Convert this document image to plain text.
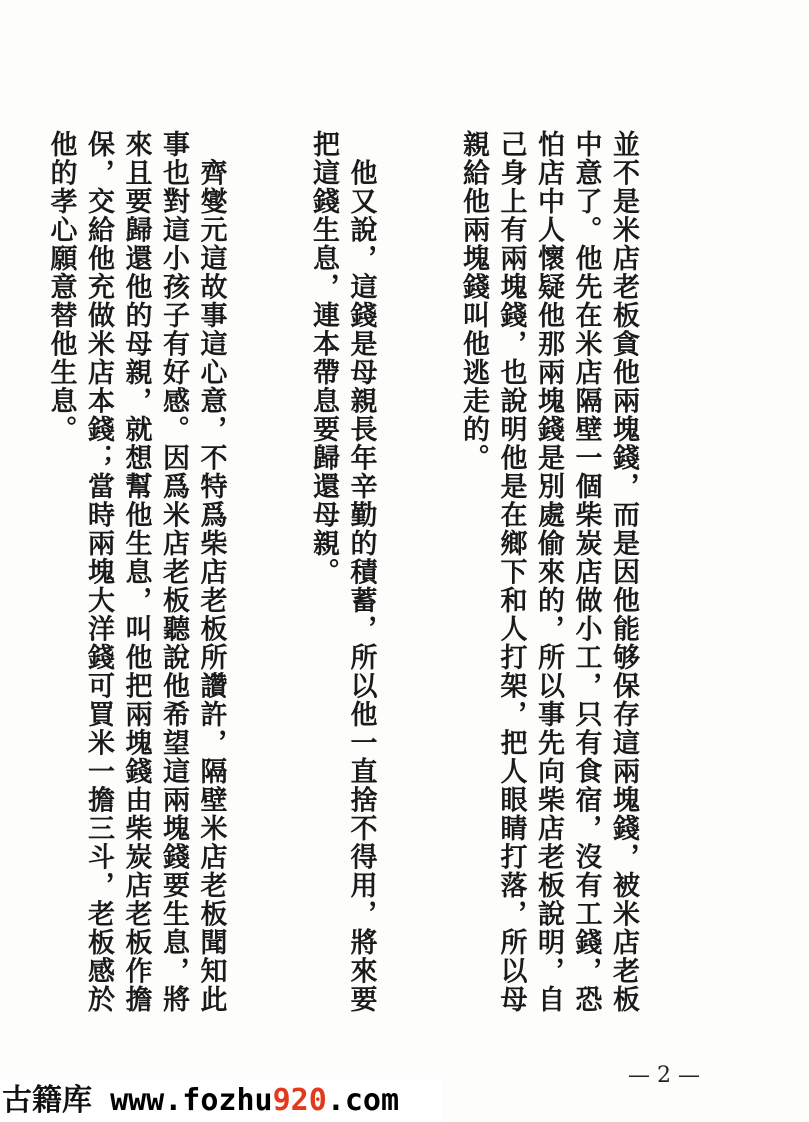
並不是米店老板貪他兩塊錢，而是因他能够保存這兩塊錢，被米店老板中意了。他先在米店隔壁一個柴炭店做小工，只有食宿，沒有工錢，恐怕店中人懷疑他那兩塊錢是別處偷來的，所以事先向柴店老板說明，自己身上有兩塊錢，也說明他是在鄉下和人打架，把人眼睛打落，所以母親給他兩塊錢叫他逃走的。

　他又說，這錢是母親長年辛勤的積蓄，所以他一直捨不得用，將來要把這錢生息，連本帶息要歸還母親。

　齊燮元這故事這心意，不特爲柴店老板所讚許，隔壁米店老板聞知此事也對這小孩子有好感。因爲米店老板聽說他希望這兩塊錢要生息，將來且要歸還他的母親，就想幫他生息，叫他把兩塊錢由柴炭店老板作擔保，交給他充做米店本錢；當時兩塊大洋錢可買米一擔三斗，老板感於他的孝心願意替他生息。

— 2 —
古籍库 www.fozhu920.com
